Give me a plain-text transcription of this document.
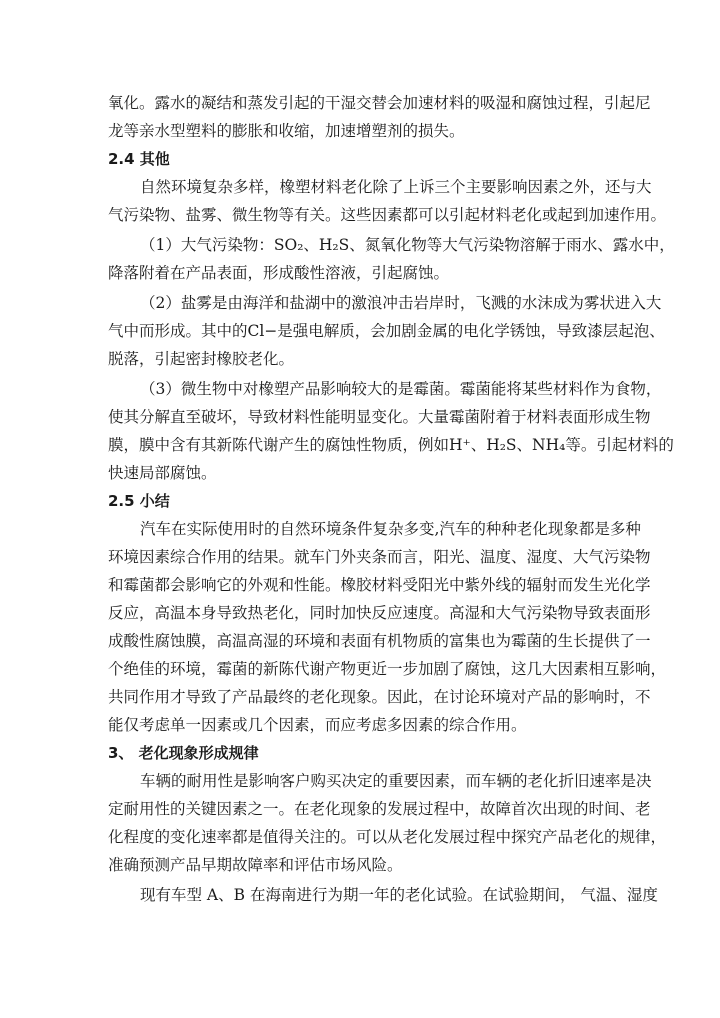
氧化。露水的凝结和蒸发引起的干湿交替会加速材料的吸湿和腐蚀过程，引起尼
龙等亲水型塑料的膨胀和收缩，加速增塑剂的损失。
2.4 其他
自然环境复杂多样，橡塑材料老化除了上诉三个主要影响因素之外，还与大
气污染物、盐雾、微生物等有关。这些因素都可以引起材料老化或起到加速作用。
（1）大气污染物：SO₂、H₂S、氮氧化物等大气污染物溶解于雨水、露水中，
降落附着在产品表面，形成酸性溶液，引起腐蚀。
（2）盐雾是由海洋和盐湖中的激浪冲击岩岸时，飞溅的水沫成为雾状进入大
气中而形成。其中的Cl−是强电解质，会加剧金属的电化学锈蚀，导致漆层起泡、
脱落，引起密封橡胶老化。
（3）微生物中对橡塑产品影响较大的是霉菌。霉菌能将某些材料作为食物，
使其分解直至破坏，导致材料性能明显变化。大量霉菌附着于材料表面形成生物
膜，膜中含有其新陈代谢产生的腐蚀性物质，例如H⁺、H₂S、NH₄等。引起材料的
快速局部腐蚀。
2.5 小结
汽车在实际使用时的自然环境条件复杂多变,汽车的种种老化现象都是多种
环境因素综合作用的结果。就车门外夹条而言，阳光、温度、湿度、大气污染物
和霉菌都会影响它的外观和性能。橡胶材料受阳光中紫外线的辐射而发生光化学
反应，高温本身导致热老化，同时加快反应速度。高湿和大气污染物导致表面形
成酸性腐蚀膜，高温高湿的环境和表面有机物质的富集也为霉菌的生长提供了一
个绝佳的环境，霉菌的新陈代谢产物更近一步加剧了腐蚀，这几大因素相互影响，
共同作用才导致了产品最终的老化现象。因此，在讨论环境对产品的影响时，不
能仅考虑单一因素或几个因素，而应考虑多因素的综合作用。
3、 老化现象形成规律
车辆的耐用性是影响客户购买决定的重要因素，而车辆的老化折旧速率是决
定耐用性的关键因素之一。在老化现象的发展过程中，故障首次出现的时间、老
化程度的变化速率都是值得关注的。可以从老化发展过程中探究产品老化的规律，
准确预测产品早期故障率和评估市场风险。
现有车型 A、B 在海南进行为期一年的老化试验。在试验期间， 气温、湿度
